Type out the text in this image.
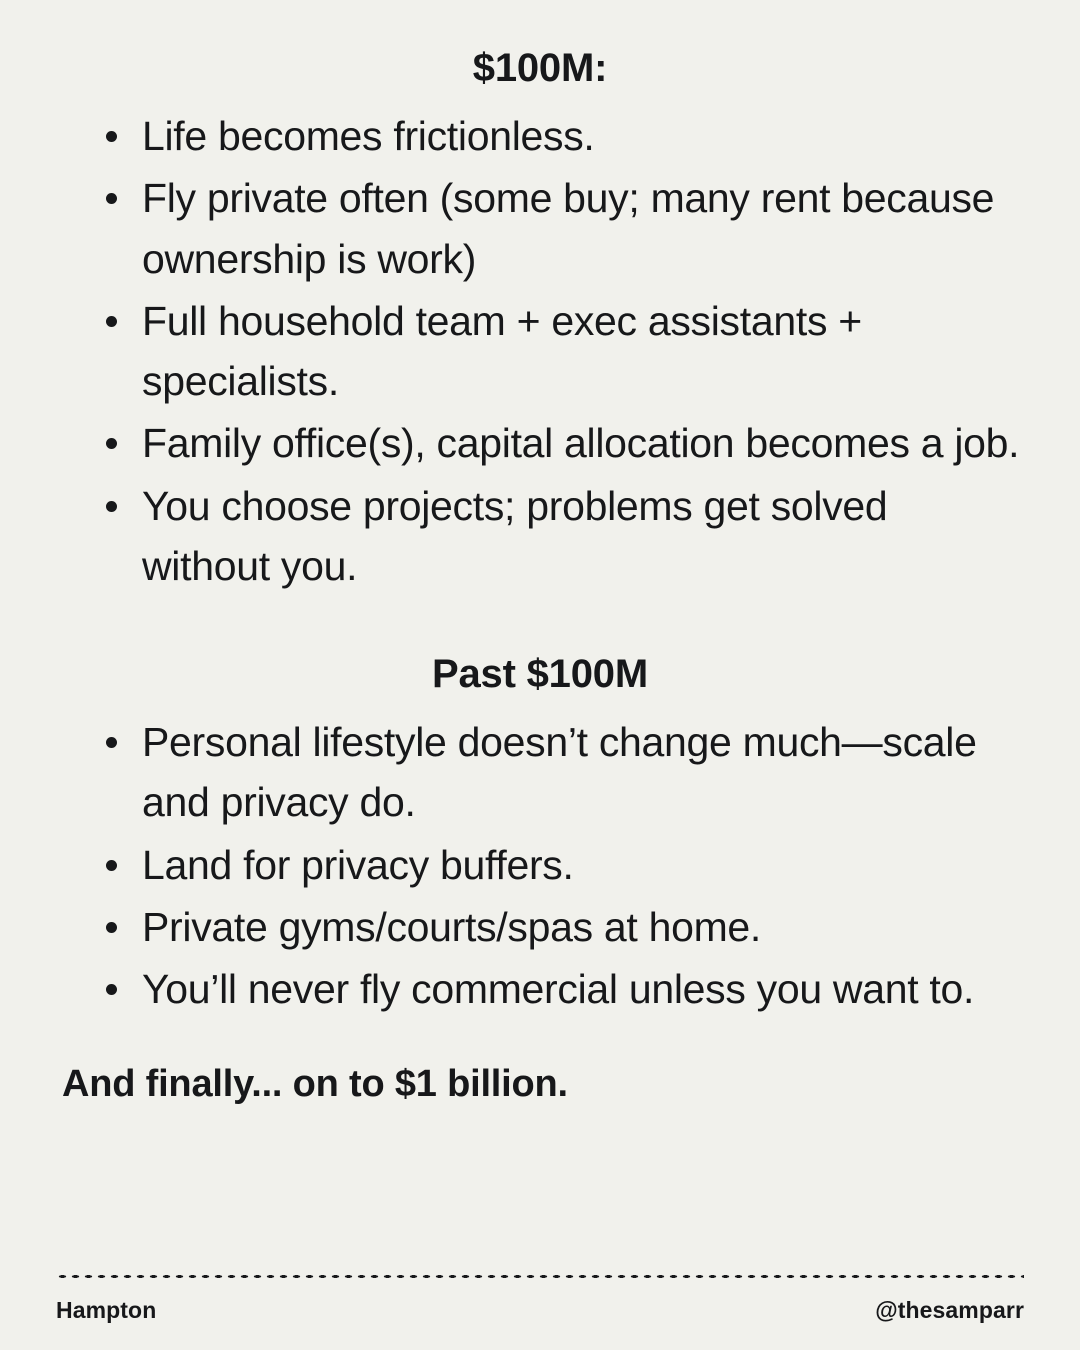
$100M:
Life becomes frictionless.
Fly private often (some buy; many rent because ownership is work)
Full household team + exec assistants + specialists.
Family office(s), capital allocation becomes a job.
You choose projects; problems get solved without you.
Past $100M
Personal lifestyle doesn’t change much—scale and privacy do.
Land for privacy buffers.
Private gyms/courts/spas at home.
You’ll never fly commercial unless you want to.

And finally... on to $1 billion.

Hampton	@thesamparr
